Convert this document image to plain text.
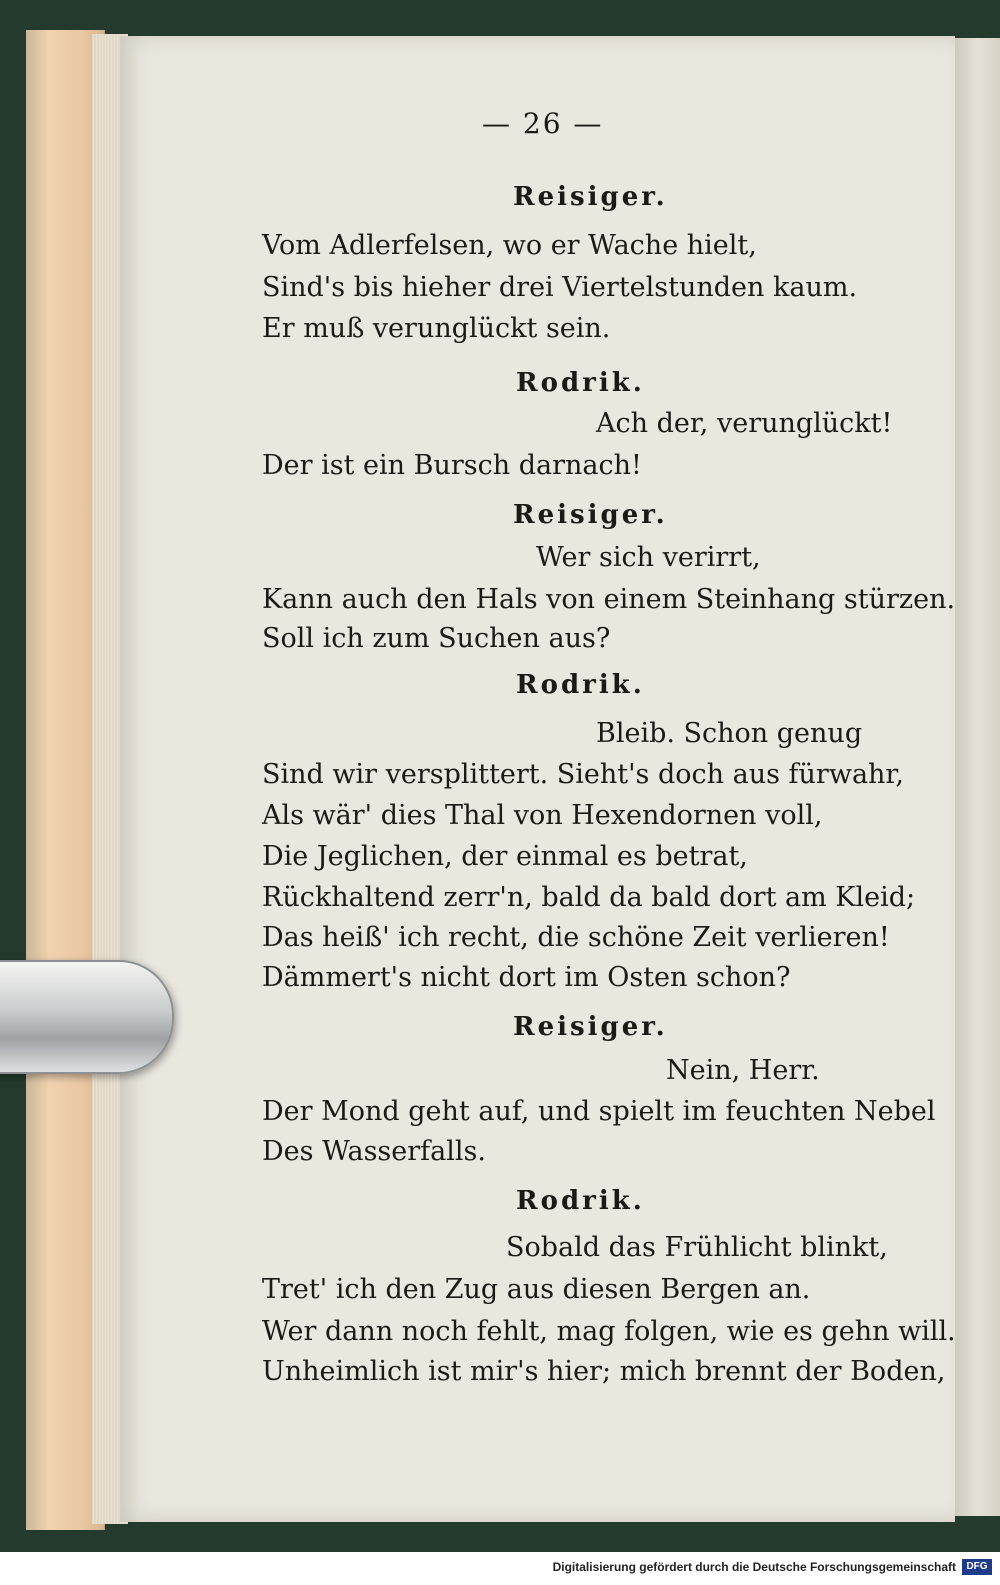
— 26 —
Reisiger.
Vom Adlerfelsen, wo er Wache hielt,
Sind's bis hieher drei Viertelstunden kaum.
Er muß verunglückt sein.
Rodrik.
Ach der, verunglückt!
Der ist ein Bursch darnach!
Reisiger.
Wer sich verirrt,
Kann auch den Hals von einem Steinhang stürzen.
Soll ich zum Suchen aus?
Rodrik.
Bleib. Schon genug
Sind wir versplittert. Sieht's doch aus fürwahr,
Als wär' dies Thal von Hexendornen voll,
Die Jeglichen, der einmal es betrat,
Rückhaltend zerr'n, bald da bald dort am Kleid;
Das heiß' ich recht, die schöne Zeit verlieren!
Dämmert's nicht dort im Osten schon?
Reisiger.
Nein, Herr.
Der Mond geht auf, und spielt im feuchten Nebel
Des Wasserfalls.
Rodrik.
Sobald das Frühlicht blinkt,
Tret' ich den Zug aus diesen Bergen an.
Wer dann noch fehlt, mag folgen, wie es gehn will.
Unheimlich ist mir's hier; mich brennt der Boden,
Digitalisierung gefördert durch die Deutsche Forschungsgemeinschaft	DFG
